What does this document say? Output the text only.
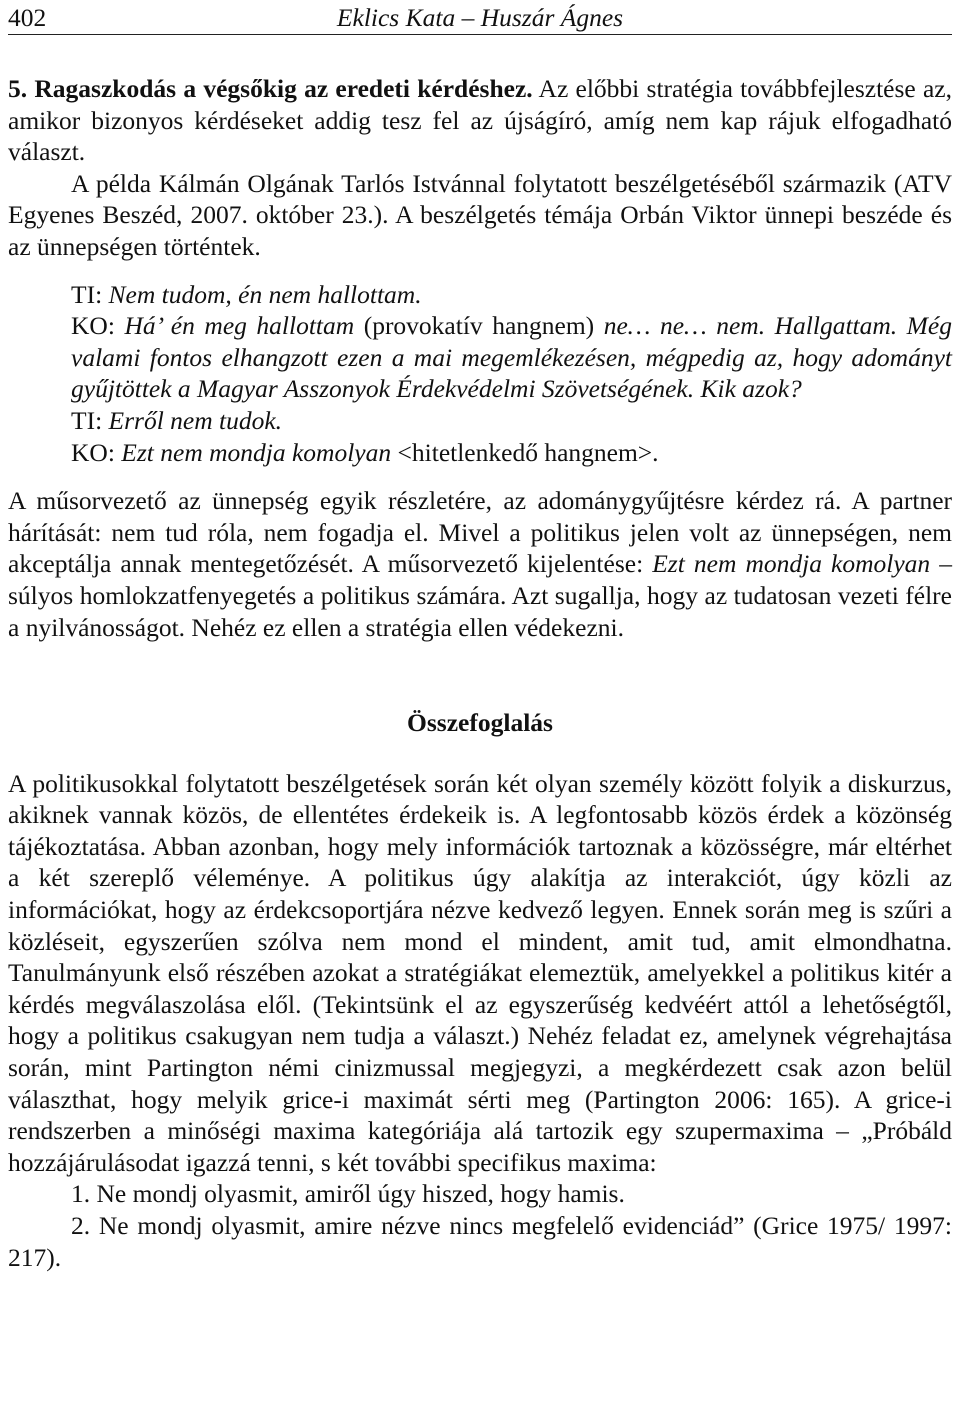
402	Eklics Kata – Huszár Ágnes

5. Ragaszkodás a végsőkig az eredeti kérdéshez. Az előbbi stratégia továbbfejlesztése az, amikor bizonyos kérdéseket addig tesz fel az újságíró, amíg nem kap rájuk elfogadható választ.

A példa Kálmán Olgának Tarlós Istvánnal folytatott beszélgetéséből származik (ATV Egyenes Beszéd, 2007. október 23.). A beszélgetés témája Orbán Viktor ünnepi beszéde és az ünnepségen történtek.

TI: Nem tudom, én nem hallottam.

KO: Há’ én meg hallottam (provokatív hangnem) ne… ne… nem. Hallgattam. Még valami fontos elhangzott ezen a mai megemlékezésen, mégpedig az, hogy adományt gyűjtöttek a Magyar Asszonyok Érdekvédelmi Szövetségének. Kik azok?

TI: Erről nem tudok.

KO: Ezt nem mondja komolyan <hitetlenkedő hangnem>.

A műsorvezető az ünnepség egyik részletére, az adománygyűjtésre kérdez rá. A partner hárítását: nem tud róla, nem fogadja el. Mivel a politikus jelen volt az ünnepségen, nem akceptálja annak mentegetőzését. A műsorvezető kijelentése: Ezt nem mondja komolyan – súlyos homlokzatfenyegetés a politikus számára. Azt sugallja, hogy az tudatosan vezeti félre a nyilvánosságot. Nehéz ez ellen a stratégia ellen védekezni.

Összefoglalás

A politikusokkal folytatott beszélgetések során két olyan személy között folyik a diskurzus, akiknek vannak közös, de ellentétes érdekeik is. A legfontosabb közös érdek a közönség tájékoztatása. Abban azonban, hogy mely információk tartoznak a közösségre, már eltérhet a két szereplő véleménye. A politikus úgy alakítja az interakciót, úgy közli az információkat, hogy az érdekcsoportjára nézve kedvező legyen. Ennek során meg is szűri a közléseit, egyszerűen szólva nem mond el mindent, amit tud, amit elmondhatna. Tanulmányunk első részében azokat a stratégiákat elemeztük, amelyekkel a politikus kitér a kérdés megválaszolása elől. (Tekintsünk el az egyszerűség kedvéért attól a lehetőségtől, hogy a politikus csakugyan nem tudja a választ.) Nehéz feladat ez, amelynek végrehajtása során, mint Partington némi cinizmussal megjegyzi, a megkérdezett csak azon belül választhat, hogy melyik grice-i maximát sérti meg (Partington 2006: 165). A grice-i rendszerben a minőségi maxima kategóriája alá tartozik egy szupermaxima – „Próbáld hozzájárulásodat igazzá tenni, s két további specifikus maxima:

1. Ne mondj olyasmit, amiről úgy hiszed, hogy hamis.

2. Ne mondj olyasmit, amire nézve nincs megfelelő evidenciád” (Grice 1975/ 1997: 217).
